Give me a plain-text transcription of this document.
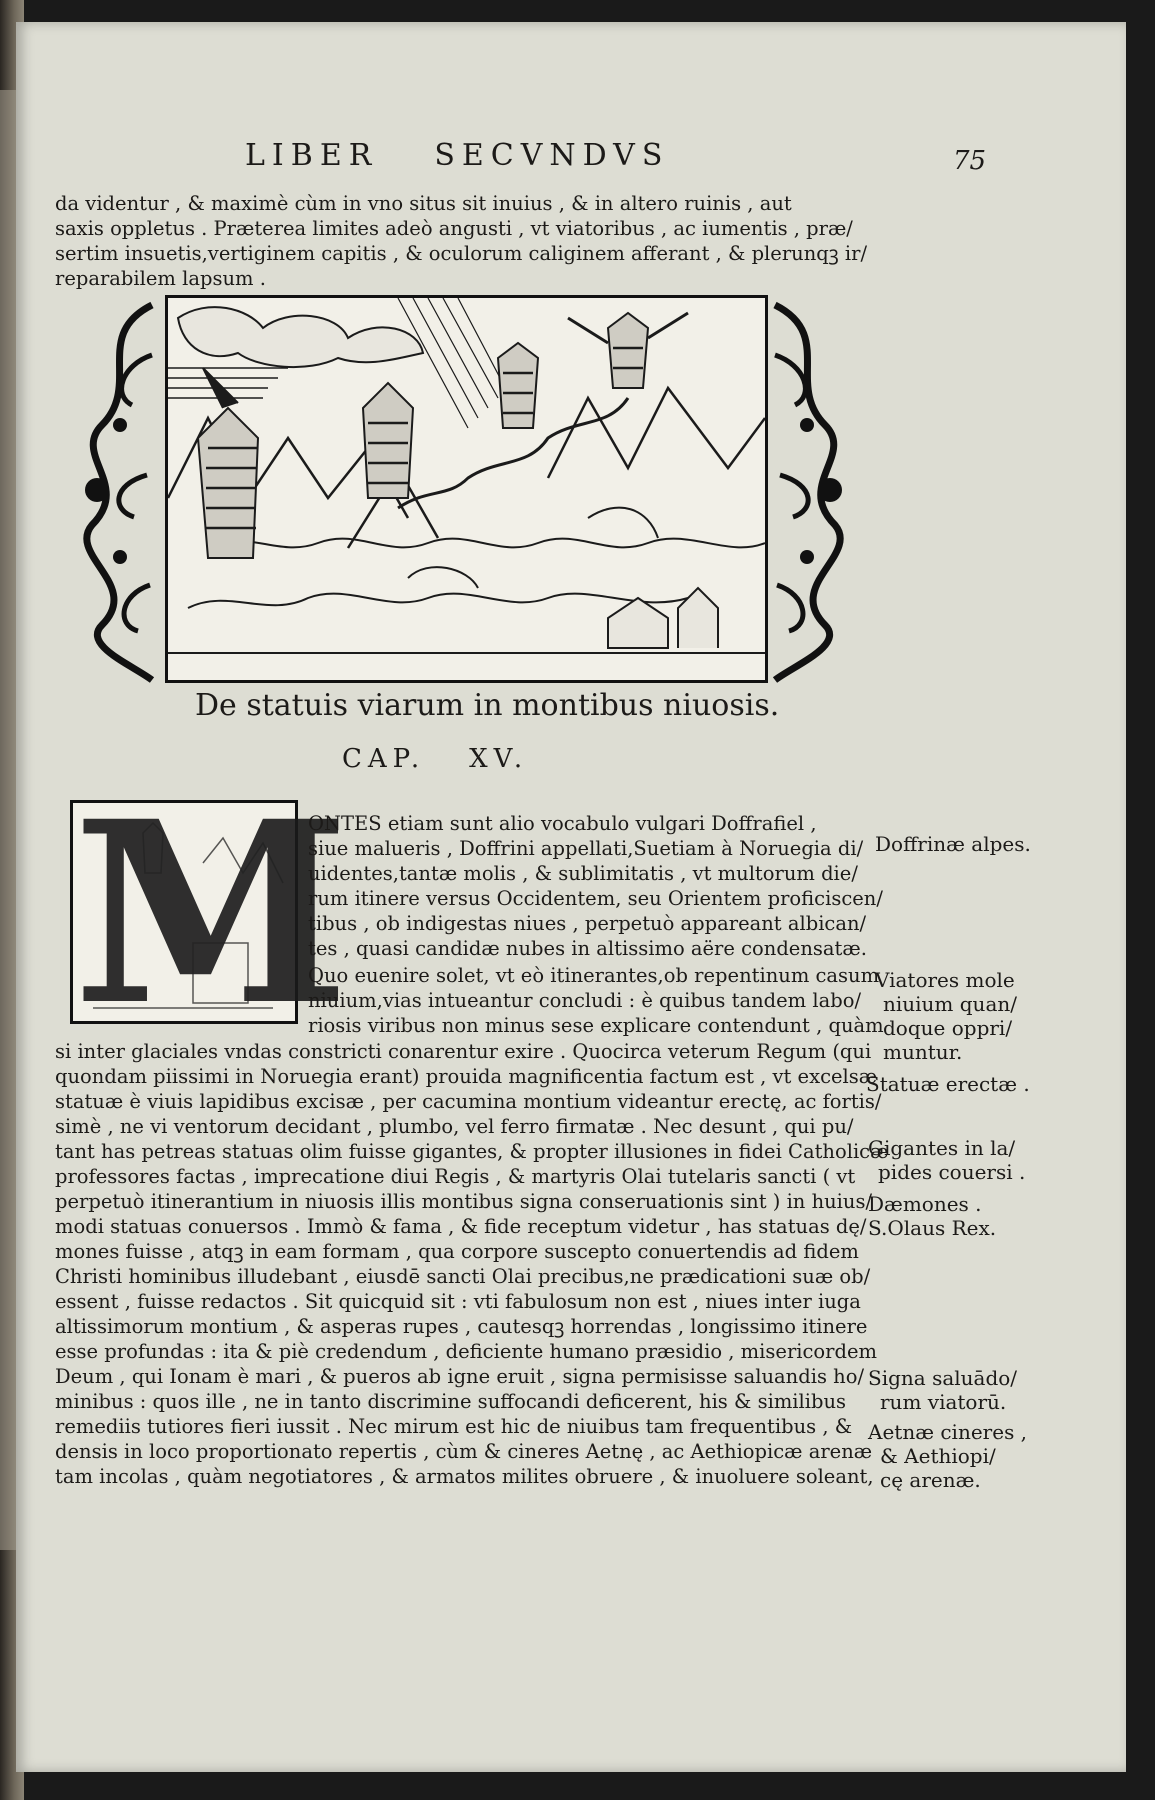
LIBER SECVNDVS	75
da videntur , & maximè cùm in vno situs sit inuius , & in altero ruinis , aut
saxis oppletus . Præterea limites adeò angusti , vt viatoribus , ac iumentis , præ/
sertim insuetis,vertiginem capitis , & oculorum caliginem afferant , & plerunqꝫ ir/
reparabilem lapsum .
De statuis viarum in montibus niuosis.
CAP. XV.
M
ONTES etiam sunt alio vocabulo vulgari Doffrafiel ,
siue malueris , Doffrini appellati,Suetiam à Noruegia di/
uidentes,tantæ molis , & sublimitatis , vt multorum die/
rum itinere versus Occidentem, seu Orientem proficiscen/
tibus , ob indigestas niues , perpetuò appareant albican/
tes , quasi candidæ nubes in altissimo aëre condensatæ.
Quo euenire solet, vt eò itinerantes,ob repentinum casum
niuium,vias intueantur concludi : è quibus tandem labo/
riosis viribus non minus sese explicare contendunt , quàm
si inter glaciales vndas constricti conarentur exire . Quocirca veterum Regum (qui
quondam piissimi in Noruegia erant) prouida magnificentia factum est , vt excelsæ
statuæ è viuis lapidibus excisæ , per cacumina montium videantur erectę, ac fortis/
simè , ne vi ventorum decidant , plumbo, vel ferro firmatæ . Nec desunt , qui pu/
tant has petreas statuas olim fuisse gigantes, & propter illusiones in fidei Catholicæ
professores factas , imprecatione diui Regis , & martyris Olai tutelaris sancti ( vt
perpetuò itinerantium in niuosis illis montibus signa conseruationis sint ) in huius/
modi statuas conuersos . Immò & fama , & fide receptum videtur , has statuas dę/
mones fuisse , atqꝫ in eam formam , qua corpore suscepto conuertendis ad fidem
Christi hominibus illudebant , eiusdē sancti Olai precibus,ne prædicationi suæ ob/
essent , fuisse redactos . Sit quicquid sit : vti fabulosum non est , niues inter iuga
altissimorum montium , & asperas rupes , cautesqꝫ horrendas , longissimo itinere
esse profundas : ita & piè credendum , deficiente humano præsidio , misericordem
Deum , qui Ionam è mari , & pueros ab igne eruit , signa permisisse saluandis ho/
minibus : quos ille , ne in tanto discrimine suffocandi deficerent, his & similibus
remediis tutiores fieri iussit . Nec mirum est hic de niuibus tam frequentibus , &
densis in loco proportionato repertis , cùm & cineres Aetnę , ac Aethiopicæ arenæ
tam incolas , quàm negotiatores , & armatos milites obruere , & inuoluere soleant,
Doffrinæ alpes.
Viatores mole
niuium quan/
doque oppri/
muntur.
Statuæ erectæ .
Gigantes in la/
pides couersi .
Dæmones .
S.Olaus Rex.
Signa saluādo/
rum viatorū.
Aetnæ cineres ,
& Aethiopi/
cę arenæ.
